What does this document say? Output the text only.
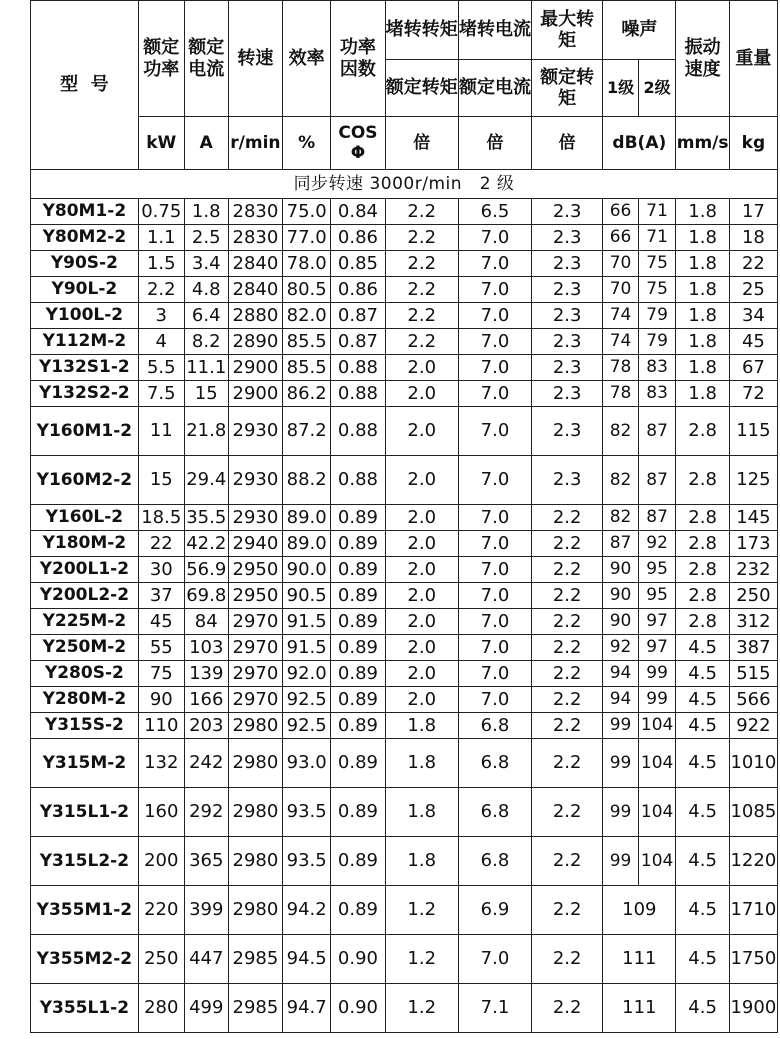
型  号	额定功率	额定电流	转速	效率	功率因数	堵转转矩	堵转电流	最大转矩	噪声		振动速度	重量
						额定转矩	额定电流	额定转矩	1级	2级		
	kW	A	r/min	%	COS Φ	倍	倍	倍	dB(A)		mm/s	kg
同步转速 3000r/min   2 级												
Y80M1-2	0.75	1.8	2830	75.0	0.84	2.2	6.5	2.3	66	71	1.8	17
Y80M2-2	1.1	2.5	2830	77.0	0.86	2.2	7.0	2.3	66	71	1.8	18
Y90S-2	1.5	3.4	2840	78.0	0.85	2.2	7.0	2.3	70	75	1.8	22
Y90L-2	2.2	4.8	2840	80.5	0.86	2.2	7.0	2.3	70	75	1.8	25
Y100L-2	3	6.4	2880	82.0	0.87	2.2	7.0	2.3	74	79	1.8	34
Y112M-2	4	8.2	2890	85.5	0.87	2.2	7.0	2.3	74	79	1.8	45
Y132S1-2	5.5	11.1	2900	85.5	0.88	2.0	7.0	2.3	78	83	1.8	67
Y132S2-2	7.5	15	2900	86.2	0.88	2.0	7.0	2.3	78	83	1.8	72
Y160M1-2	11	21.8	2930	87.2	0.88	2.0	7.0	2.3	82	87	2.8	115
Y160M2-2	15	29.4	2930	88.2	0.88	2.0	7.0	2.3	82	87	2.8	125
Y160L-2	18.5	35.5	2930	89.0	0.89	2.0	7.0	2.2	82	87	2.8	145
Y180M-2	22	42.2	2940	89.0	0.89	2.0	7.0	2.2	87	92	2.8	173
Y200L1-2	30	56.9	2950	90.0	0.89	2.0	7.0	2.2	90	95	2.8	232
Y200L2-2	37	69.8	2950	90.5	0.89	2.0	7.0	2.2	90	95	2.8	250
Y225M-2	45	84	2970	91.5	0.89	2.0	7.0	2.2	90	97	2.8	312
Y250M-2	55	103	2970	91.5	0.89	2.0	7.0	2.2	92	97	4.5	387
Y280S-2	75	139	2970	92.0	0.89	2.0	7.0	2.2	94	99	4.5	515
Y280M-2	90	166	2970	92.5	0.89	2.0	7.0	2.2	94	99	4.5	566
Y315S-2	110	203	2980	92.5	0.89	1.8	6.8	2.2	99	104	4.5	922
Y315M-2	132	242	2980	93.0	0.89	1.8	6.8	2.2	99	104	4.5	1010
Y315L1-2	160	292	2980	93.5	0.89	1.8	6.8	2.2	99	104	4.5	1085
Y315L2-2	200	365	2980	93.5	0.89	1.8	6.8	2.2	99	104	4.5	1220
Y355M1-2	220	399	2980	94.2	0.89	1.2	6.9	2.2	109		4.5	1710
Y355M2-2	250	447	2985	94.5	0.90	1.2	7.0	2.2	111		4.5	1750
Y355L1-2	280	499	2985	94.7	0.90	1.2	7.1	2.2	111		4.5	1900
